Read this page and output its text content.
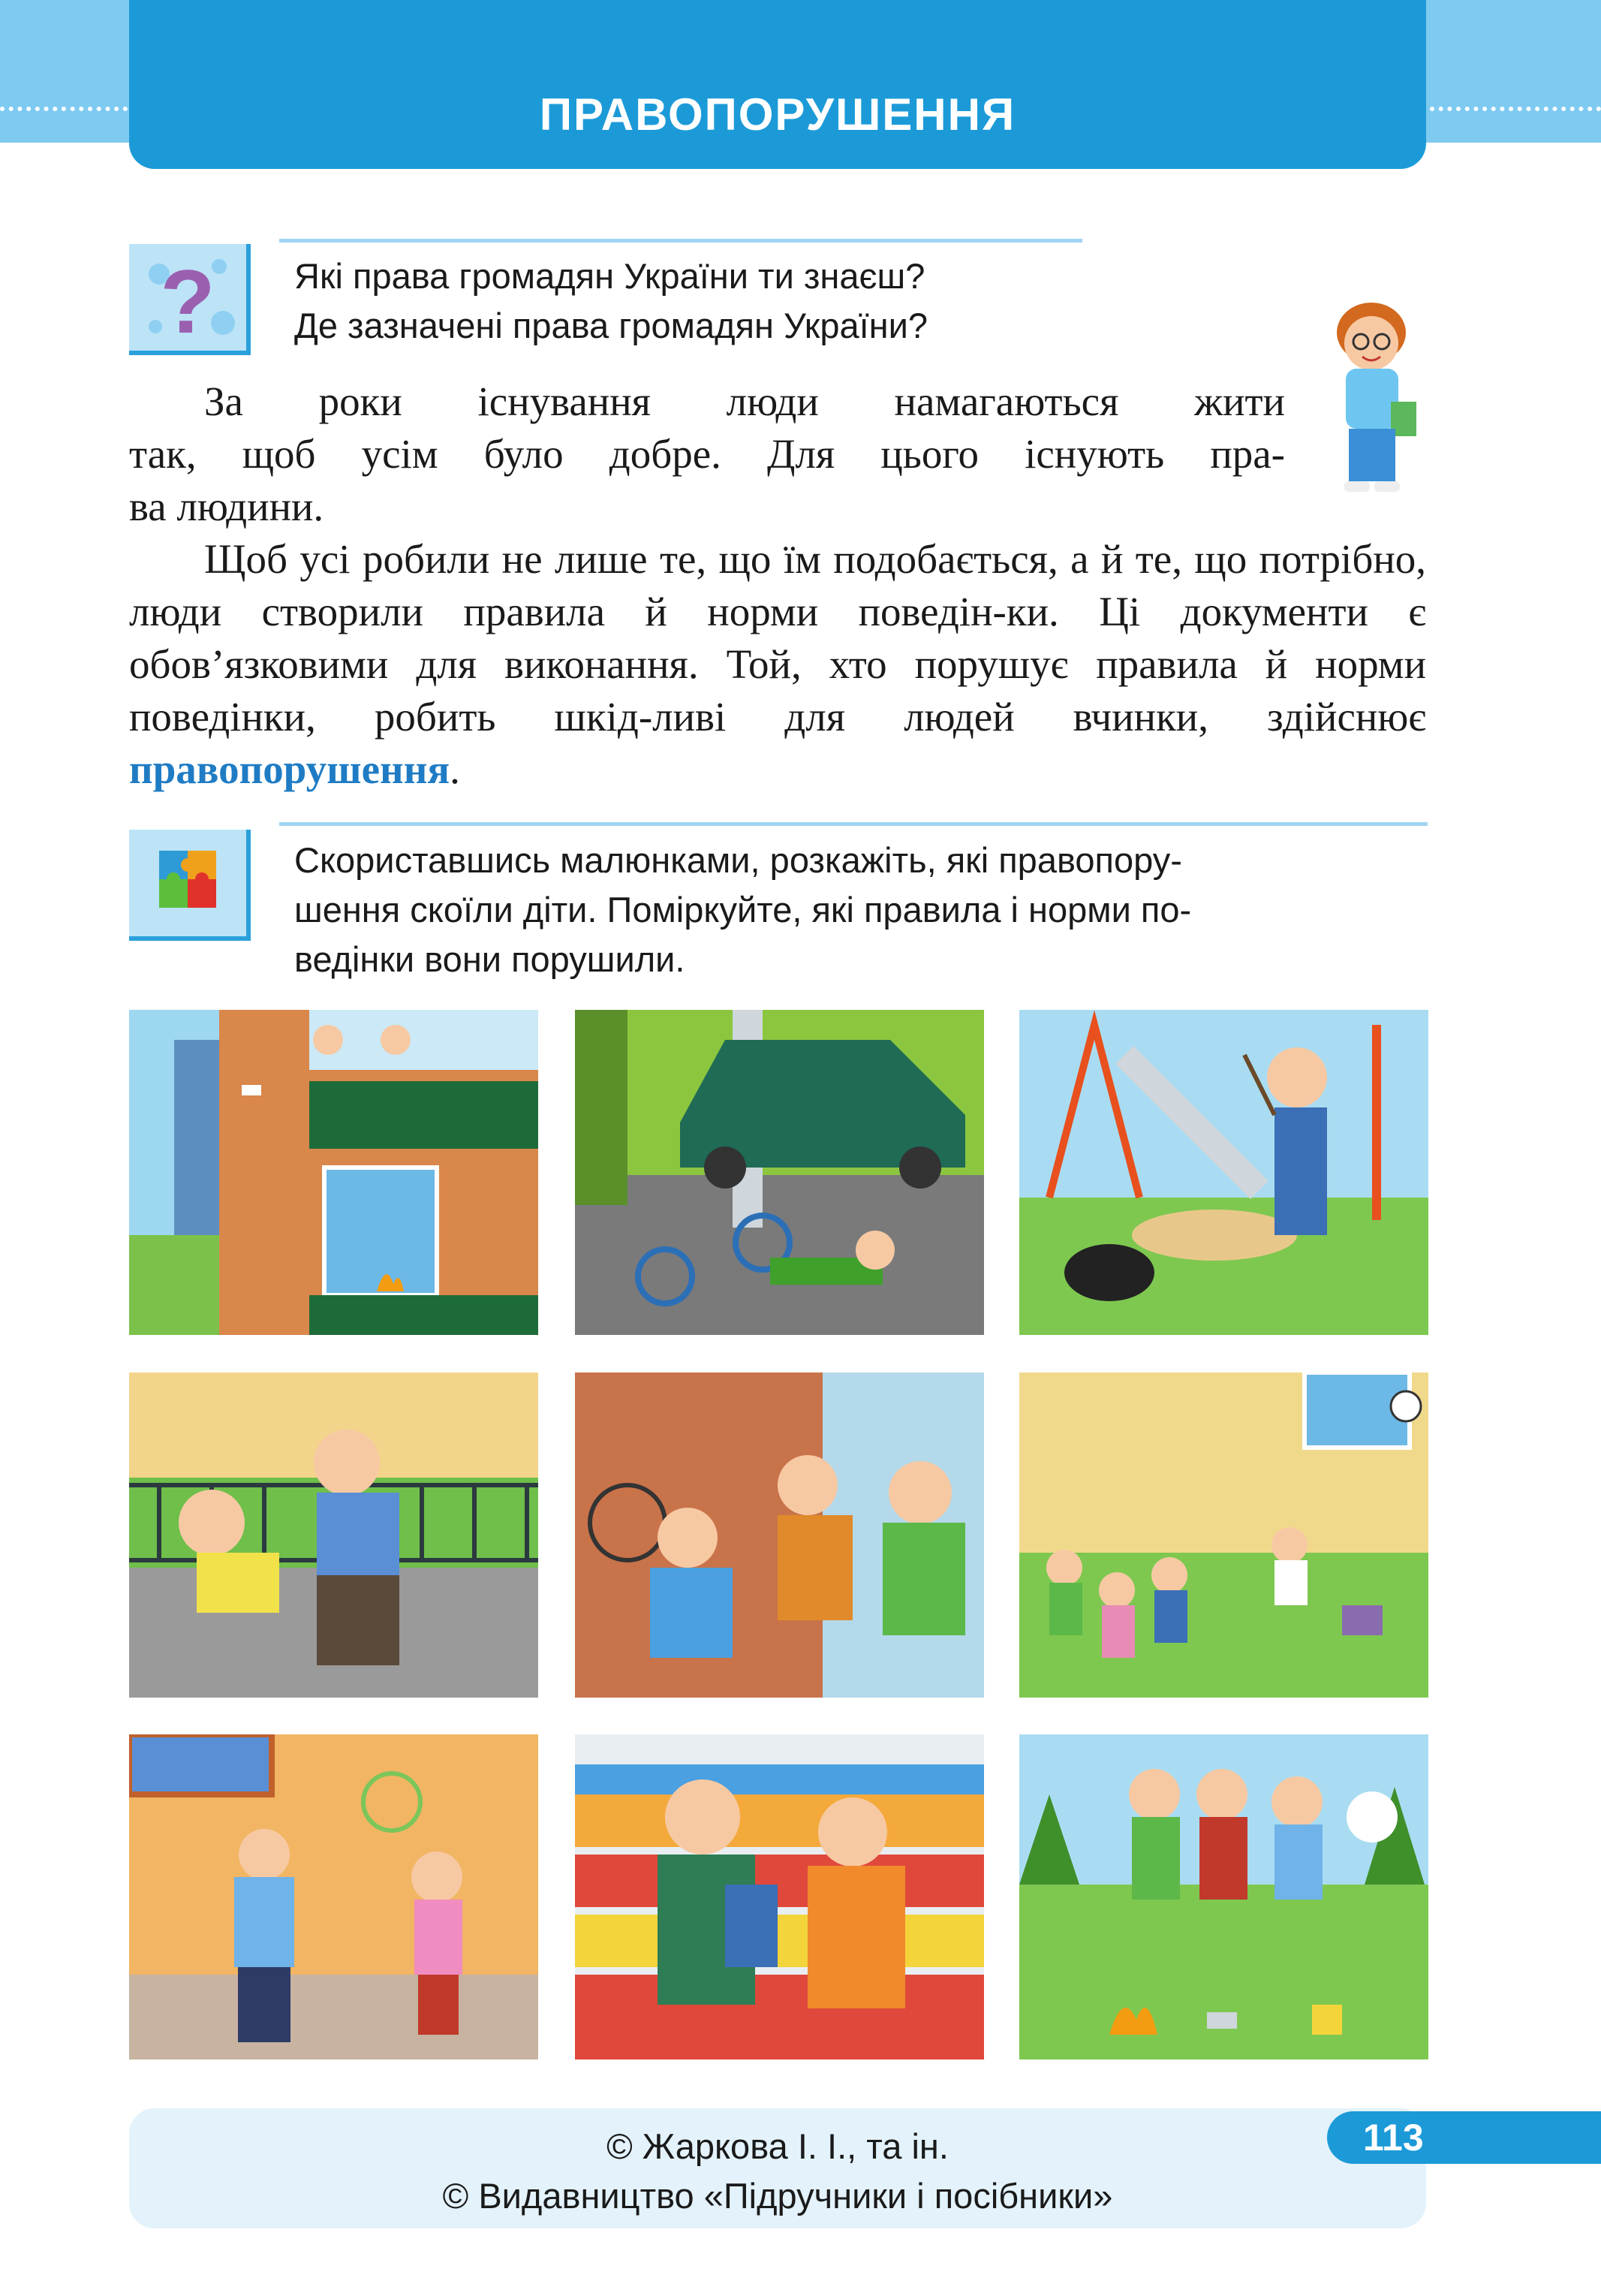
ПРАВОПОРУШЕННЯ
? Які права громадян України ти знаєш?
Де зазначені права громадян України?
За роки існування люди намагаються жити
так, щоб усім було добре. Для цього існують пра-
ва людини.
Щоб усі робили не лише те, що їм подобається, а й те, що потрібно, люди створили правила й норми поведін-ки. Ці документи є обов’язковими для виконання. Той, хто порушує правила й норми поведінки, робить шкід-ливі для людей вчинки, здійснює правопорушення.
Скориставшись малюнками, розкажіть, які правопору-
шення скоїли діти. Поміркуйте, які правила і норми по-
ведінки вони порушили.
113
© Жаркова І. І., та ін.
© Видавництво «Підручники і посібники»
